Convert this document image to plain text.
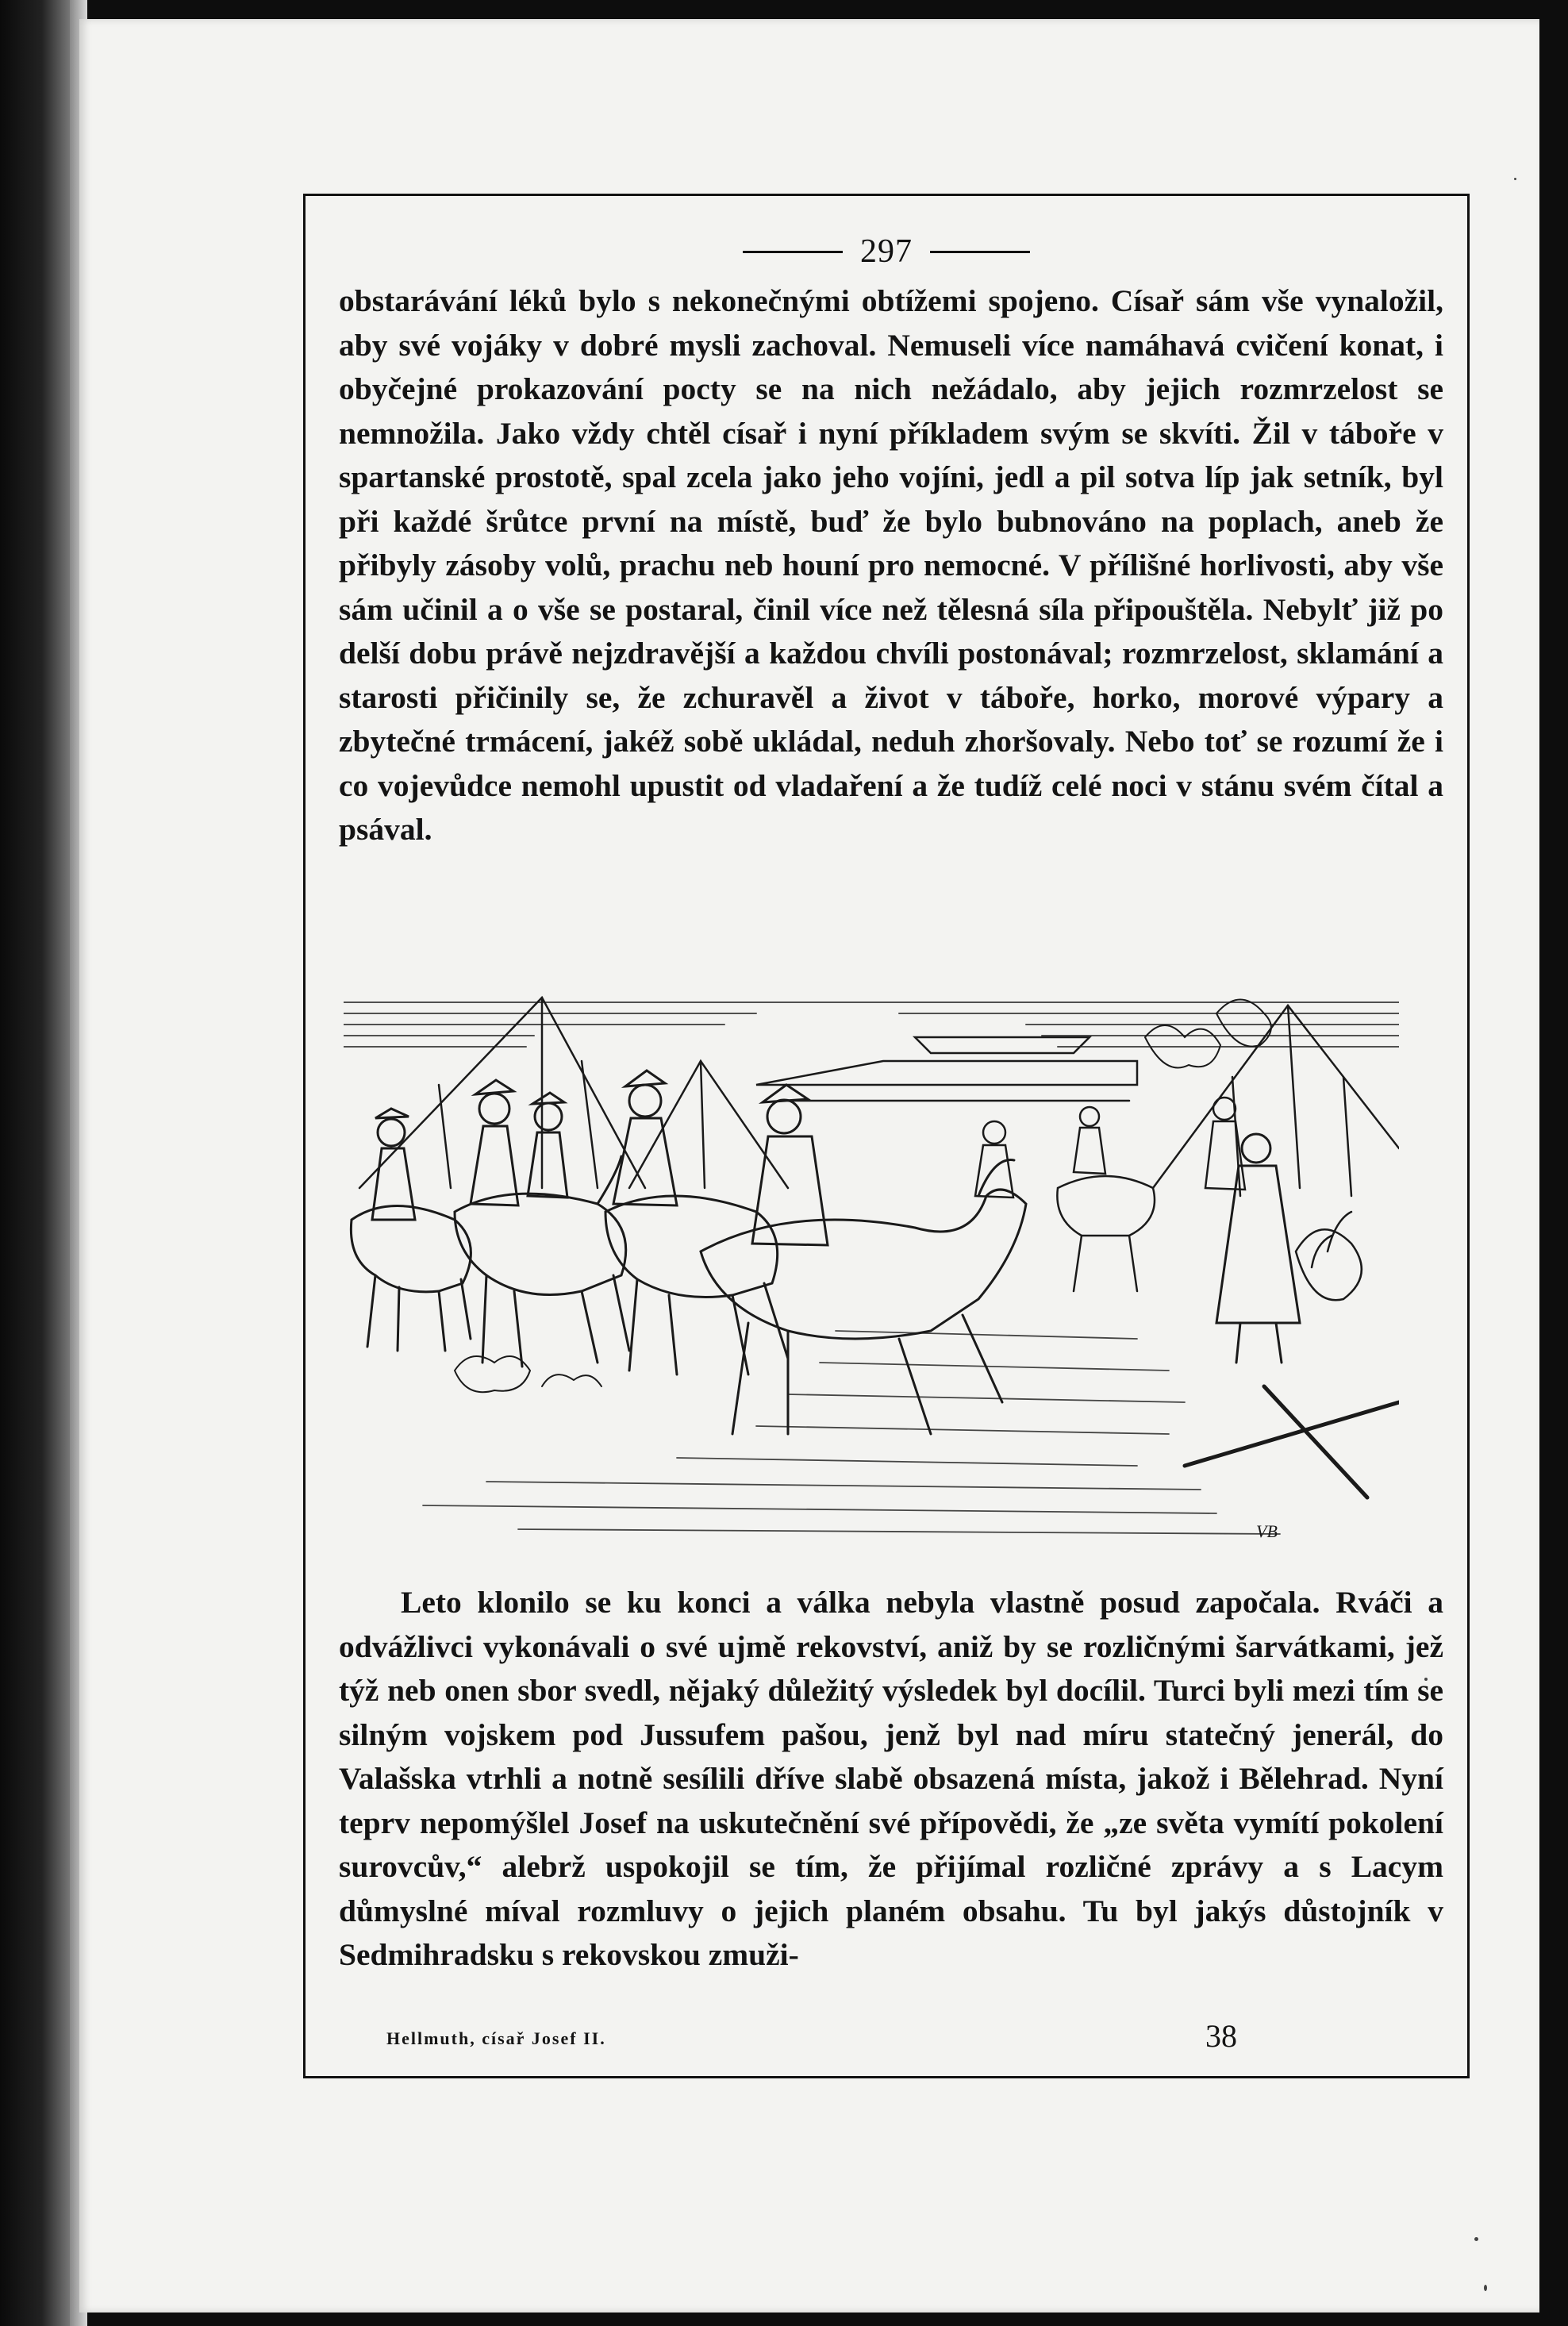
297

obstarávání léků bylo s nekonečnými obtížemi spojeno. Císař sám vše vynaložil, aby své vojáky v dobré mysli zachoval. Nemuseli více namáhavá cvičení konat, i obyčejné prokazování pocty se na nich nežádalo, aby jejich rozmrzelost se nemnožila. Jako vždy chtěl císař i nyní příkladem svým se skvíti. Žil v táboře v spartanské prostotě, spal zcela jako jeho vojíni, jedl a pil sotva líp jak setník, byl při každé šrůtce první na místě, buď že bylo bubnováno na poplach, aneb že přibyly zásoby volů, prachu neb houní pro nemocné. V přílišné horlivosti, aby vše sám učinil a o vše se postaral, činil více než tělesná síla připouštěla. Nebylť již po delší dobu právě nejzdravější a každou chvíli postonával; rozmrzelost, sklamání a starosti přičinily se, že zchuravěl a život v táboře, horko, morové výpary a zbytečné trmácení, jakéž sobě ukládal, neduh zhoršovaly. Nebo toť se rozumí že i co vojevůdce nemohl upustit od vladaření a že tudíž celé noci v stánu svém čítal a psával.

VB

Leto klonilo se ku konci a válka nebyla vlastně posud započala. Rváči a odvážlivci vykonávali o své ujmě rekovství, aniž by se rozličnými šarvátkami, jež týž neb onen sbor svedl, nějaký důležitý výsledek byl docílil. Turci byli mezi tím se silným vojskem pod Jussufem pašou, jenž byl nad míru statečný jenerál, do Valašska vtrhli a notně sesílili dříve slabě obsazená místa, jakož i Bělehrad. Nyní teprv nepomýšlel Josef na uskutečnění své přípovědi, že „ze světa vymítí pokolení surovcův,“ alebrž uspokojil se tím, že přijímal rozličné zprávy a s Lacym důmyslné míval rozmluvy o jejich planém obsahu. Tu byl jakýs důstojník v Sedmihradsku s rekovskou zmuži-

Hellmuth, císař Josef II.	38
